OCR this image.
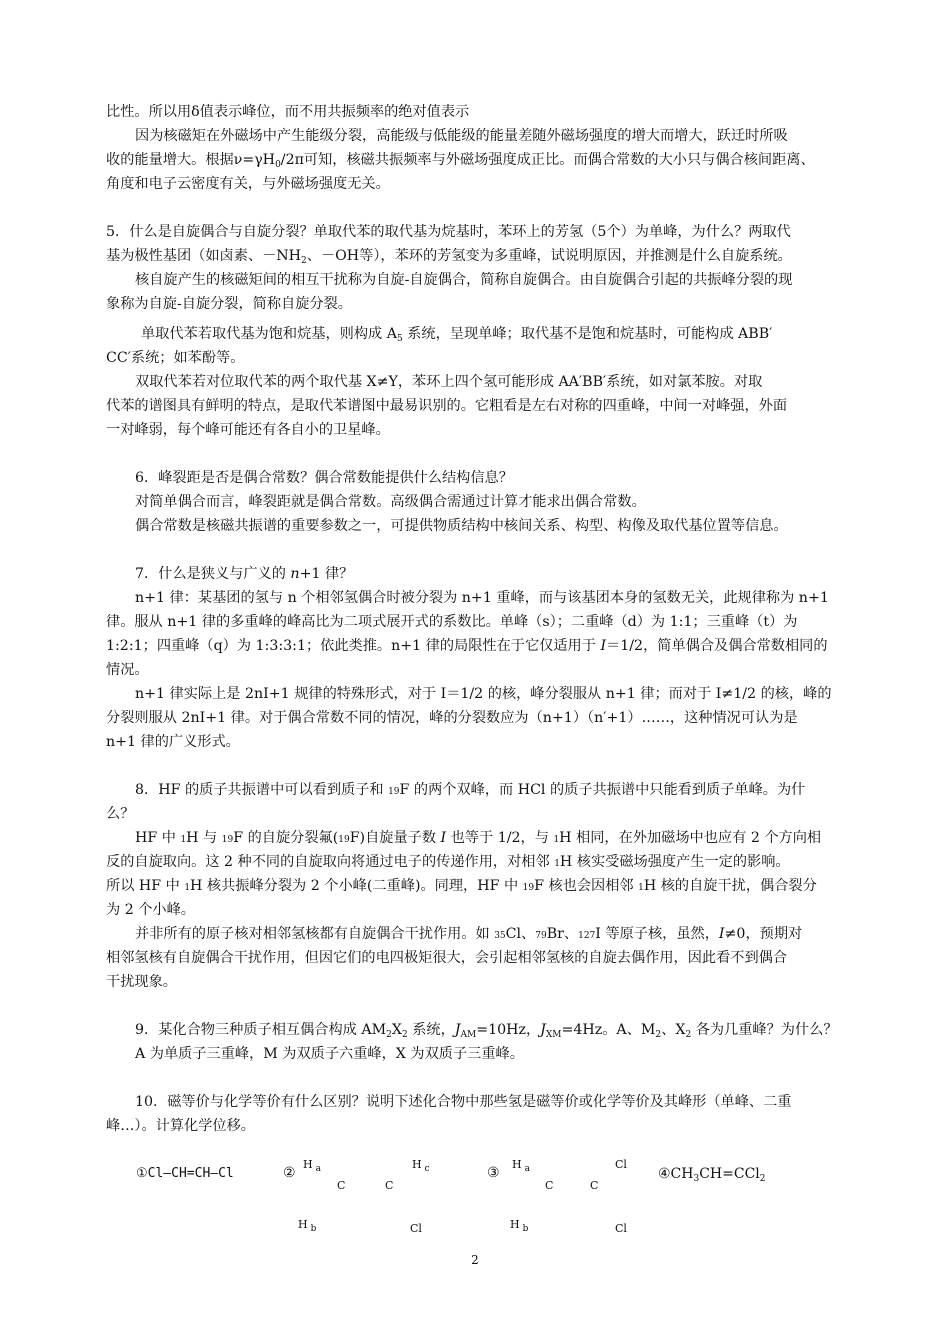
比性。所以用δ值表示峰位，而不用共振频率的绝对值表示
因为核磁矩在外磁场中产生能级分裂，高能级与低能级的能量差随外磁场强度的增大而增大，跃迁时所吸
收的能量增大。根据$\nu=\gamma H_0/2\pi$可知，核磁共振频率与外磁场强度成正比。而偶合常数的大小只与偶合核间距离、
角度和电子云密度有关，与外磁场强度无关。
5．什么是自旋偶合与自旋分裂？单取代苯的取代基为烷基时，苯环上的芳氢（5个）为单峰，为什么？两取代
基为极性基团（如卤素、$-NH_2$、－OH等），苯环的芳氢变为多重峰，试说明原因，并推测是什么自旋系统。
核自旋产生的核磁矩间的相互干扰称为自旋-自旋偶合，简称自旋偶合。由自旋偶合引起的共振峰分裂的现
象称为自旋-自旋分裂，简称自旋分裂。
单取代苯若取代基为饱和烷基，则构成 $A_5$ 系统，呈现单峰；取代基不是饱和烷基时，可能构成 ABB′
CC′系统；如苯酚等。
双取代苯若对位取代苯的两个取代基 X≠Y，苯环上四个氢可能形成 AA′BB′系统，如对氯苯胺。对取
代苯的谱图具有鲜明的特点，是取代苯谱图中最易识别的。它粗看是左右对称的四重峰，中间一对峰强，外面
一对峰弱，每个峰可能还有各自小的卫星峰。
6．峰裂距是否是偶合常数？偶合常数能提供什么结构信息？
对简单偶合而言，峰裂距就是偶合常数。高级偶合需通过计算才能求出偶合常数。
偶合常数是核磁共振谱的重要参数之一，可提供物质结构中核间关系、构型、构像及取代基位置等信息。
7．什么是狭义与广义的 n+1 律？
n+1 律：某基团的氢与 n 个相邻氢偶合时被分裂为 n+1 重峰，而与该基团本身的氢数无关，此规律称为 n+1
律。服从 n+1 律的多重峰的峰高比为二项式展开式的系数比。单峰（s）；二重峰（d）为 1:1；三重峰（t）为
1:2:1；四重峰（q）为 1:3:3:1；依此类推。n+1 律的局限性在于它仅适用于 I＝1/2，简单偶合及偶合常数相同的
情况。
n+1 律实际上是 2nI+1 规律的特殊形式，对于 I＝1/2 的核，峰分裂服从 n+1 律；而对于 I≠1/2 的核，峰的
分裂则服从 2nI+1 律。对于偶合常数不同的情况，峰的分裂数应为（n+1）（n′+1）……，这种情况可认为是
n+1 律的广义形式。
8．HF 的质子共振谱中可以看到质子和 19F 的两个双峰，而 HCl 的质子共振谱中只能看到质子单峰。为什
么？
HF 中 1H 与 19F 的自旋分裂氟(19F)自旋量子数 I 也等于 1/2，与 1H 相同，在外加磁场中也应有 2 个方向相
反的自旋取向。这 2 种不同的自旋取向将通过电子的传递作用，对相邻 1H 核实受磁场强度产生一定的影响。
所以 HF 中 1H 核共振峰分裂为 2 个小峰(二重峰)。同理，HF 中 19F 核也会因相邻 1H 核的自旋干扰，偶合裂分
为 2 个小峰。
并非所有的原子核对相邻氢核都有自旋偶合干扰作用。如 35Cl、79Br、127I 等原子核，虽然，I≠0，预期对
相邻氢核有自旋偶合干扰作用，但因它们的电四极矩很大，会引起相邻氢核的自旋去偶作用，因此看不到偶合
干扰现象。
9．某化合物三种质子相互偶合构成 $AM_2X_2$ 系统，$J_{AM}=10Hz$，$J_{XM}=4Hz$。A、$M_2$、$X_2$ 各为几重峰？为什么？
A 为单质子三重峰，M 为双质子六重峰，X 为双质子三重峰。
10．磁等价与化学等价有什么区别？说明下述化合物中那些氢是磁等价或化学等价及其峰形（单峰、二重
峰…）。计算化学位移。
①Cl—CH=CH—Cl	②
H $_a$
C	C
H $_c$
H $_b$	Cl
③
H $_a$
C	C
Cl
H $_b$	Cl
$④CH_3CH=CCl_2$
2
